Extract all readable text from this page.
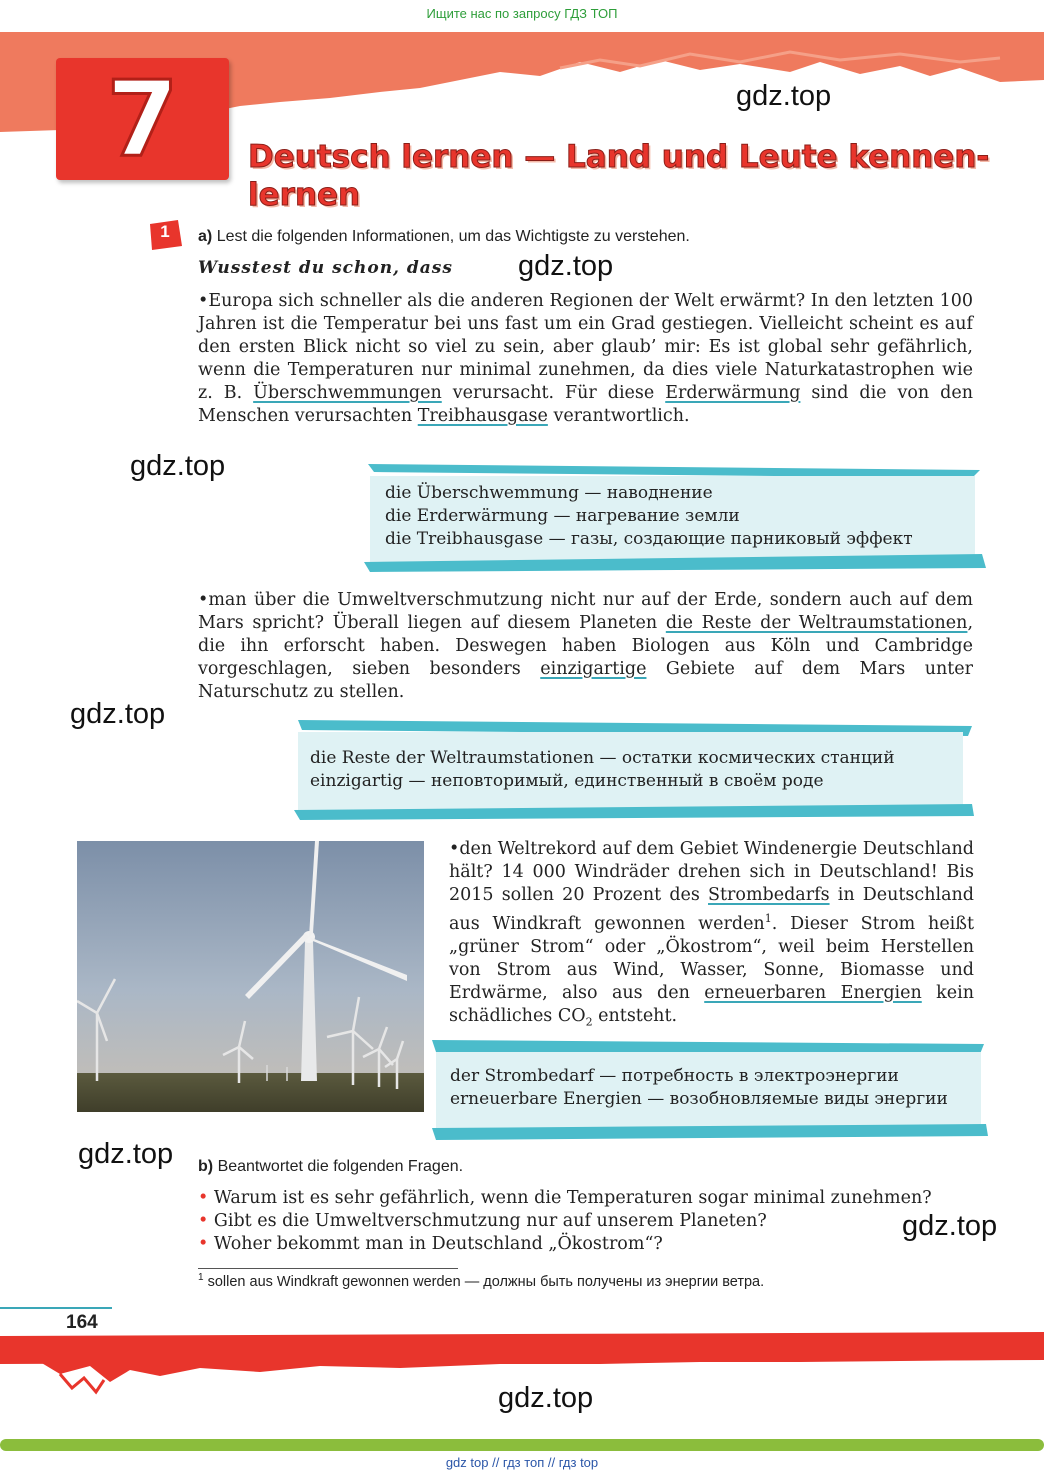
Ищите нас по запросу ГДЗ ТОП
7	Deutsch lernen — Land und Leute kennen-
lernen
gdz.top
gdz.top
gdz.top
gdz.top
gdz.top
gdz.top
gdz.top
1	a) Lest die folgenden Informationen, um das Wichtigste zu verstehen.
Wusstest du schon, dass
•Europa sich schneller als die anderen Regionen der Welt erwärmt? In den letzten 100 Jahren ist die Temperatur bei uns fast um ein Grad gestiegen. Vielleicht scheint es auf den ersten Blick nicht so viel zu sein, aber glaub’ mir: Es ist global sehr gefährlich, wenn die Temperaturen nur minimal zunehmen, da dies viele Naturkatastrophen wie z. B. Überschwemmungen verursacht. Für diese Erderwärmung sind die von den Menschen verursachten Treibhausgase verantwortlich.
die Überschwemmung — наводнение
die Erderwärmung — нагревание земли
die Treibhausgase — газы, создающие парниковый эффект
•man über die Umweltverschmutzung nicht nur auf der Erde, sondern auch auf dem Mars spricht? Überall liegen auf diesem Planeten die Reste der Weltraumstationen, die ihn erforscht haben. Deswegen haben Biologen aus Köln und Cambridge vorgeschlagen, sieben besonders einzigartige Gebiete auf dem Mars unter Naturschutz zu stellen.
die Reste der Weltraumstationen — остатки космических станций
einzigartig — неповторимый, единственный в своём роде
•den Weltrekord auf dem Gebiet Windenergie Deutschland hält? 14 000 Windräder drehen sich in Deutschland! Bis 2015 sollen 20 Prozent des Strombedarfs in Deutschland aus Windkraft gewonnen werden$^1$. Dieser Strom heißt „grüner Strom“ oder „Ökostrom“, weil beim Herstellen von Strom aus Wind, Wasser, Sonne, Biomasse und Erdwärme, also aus den erneuerbaren Energien kein schädliches $CO_2$ entsteht.
der Strombedarf — потребность в электроэнергии
erneuerbare Energien — возобновляемые виды энергии
b) Beantwortet die folgenden Fragen.
• Warum ist es sehr gefährlich, wenn die Temperaturen sogar minimal zunehmen?
• Gibt es die Umweltverschmutzung nur auf unserem Planeten?
• Woher bekommt man in Deutschland „Ökostrom“?
$^1$ sollen aus Windkraft gewonnen werden — должны быть получены из энергии ветра.
164
gdz top // гдз топ // гдз top
